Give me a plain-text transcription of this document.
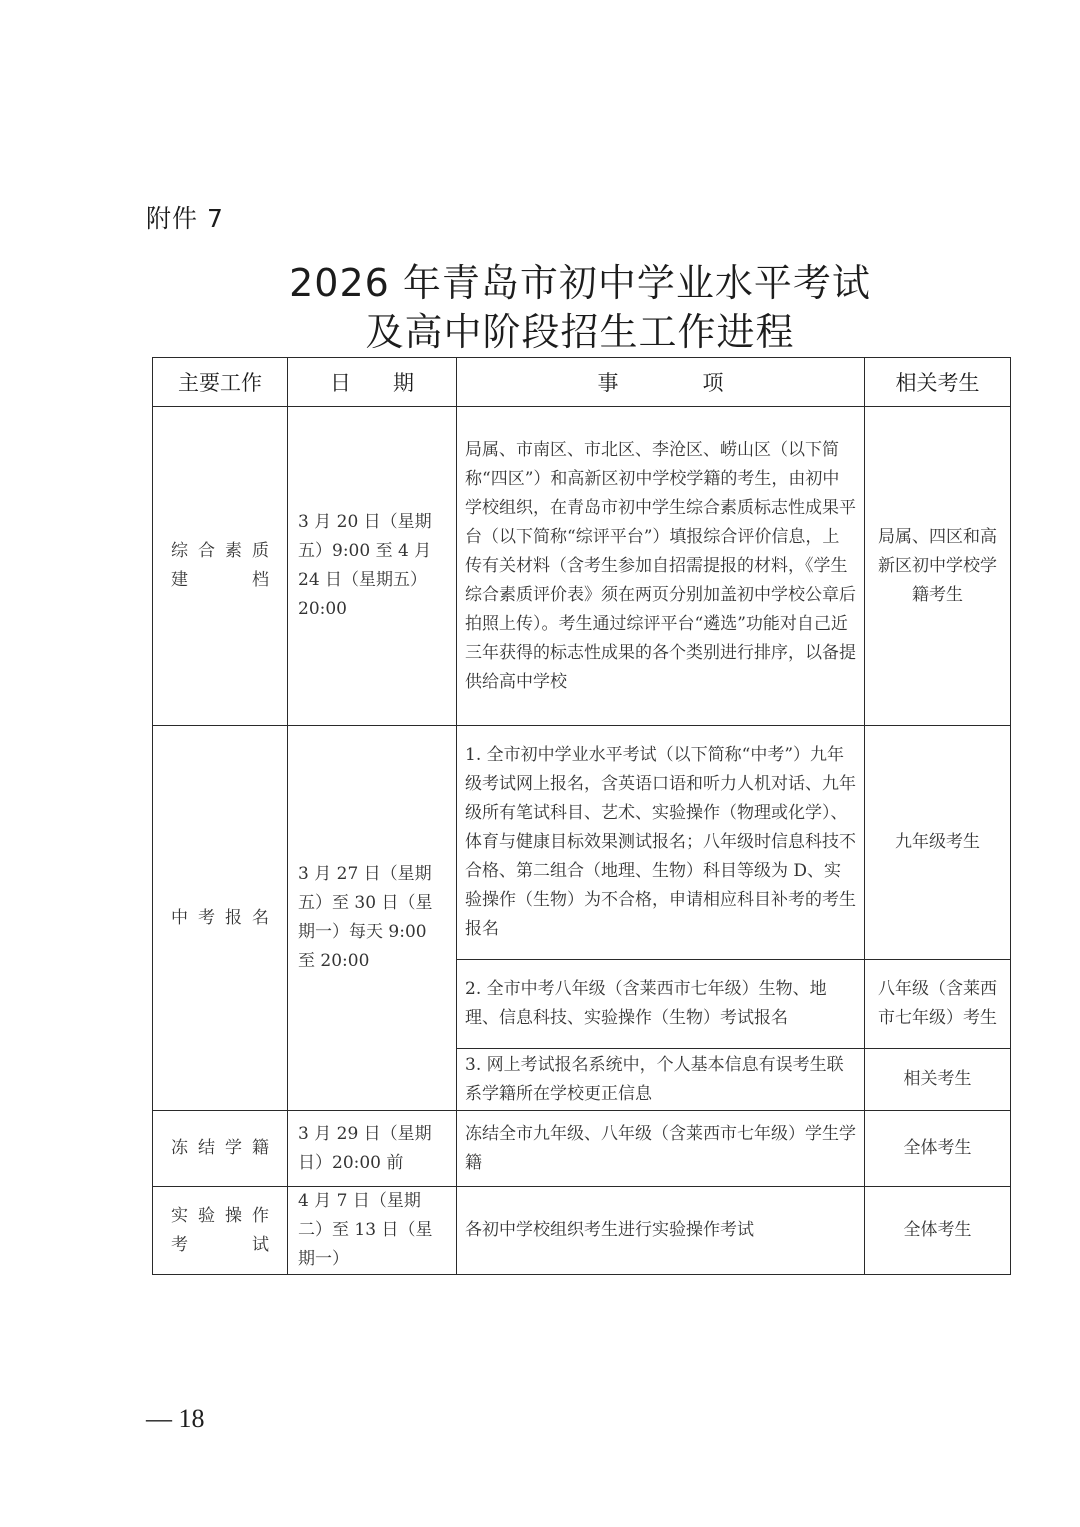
附件 7
2026 年青岛市初中学业水平考试
及高中阶段招生工作进程
主要工作	日　　期	事　　　　项	相关考生

综合素质
建　　档	3 月 20 日（星期五）9:00 至 4 月 24 日（星期五）20:00	局属、市南区、市北区、李沧区、崂山区（以下简称“四区”）和高新区初中学校学籍的考生，由初中学校组织，在青岛市初中学生综合素质标志性成果平台（以下简称“综评平台”）填报综合评价信息，上传有关材料（含考生参加自招需提报的材料，《学生综合素质评价表》须在两页分别加盖初中学校公章后拍照上传）。考生通过综评平台“遴选”功能对自己近三年获得的标志性成果的各个类别进行排序，以备提供给高中学校	局属、四区和高新区初中学校学籍考生

中考报名	3 月 27 日（星期五）至 30 日（星期一）每天 9:00 至 20:00	1. 全市初中学业水平考试（以下简称“中考”）九年级考试网上报名，含英语口语和听力人机对话、九年级所有笔试科目、艺术、实验操作（物理或化学）、体育与健康目标效果测试报名；八年级时信息科技不合格、第二组合（地理、生物）科目等级为 D、实验操作（生物）为不合格，申请相应科目补考的考生报名	九年级考生
		2. 全市中考八年级（含莱西市七年级）生物、地理、信息科技、实验操作（生物）考试报名	八年级（含莱西市七年级）考生
		3. 网上考试报名系统中，个人基本信息有误考生联系学籍所在学校更正信息	相关考生

冻结学籍	3 月 29 日（星期日）20:00 前	冻结全市九年级、八年级（含莱西市七年级）学生学籍	全体考生

实验操作
考　　试	4 月 7 日（星期二）至 13 日（星期一）	各初中学校组织考生进行实验操作考试	全体考生
— 18
